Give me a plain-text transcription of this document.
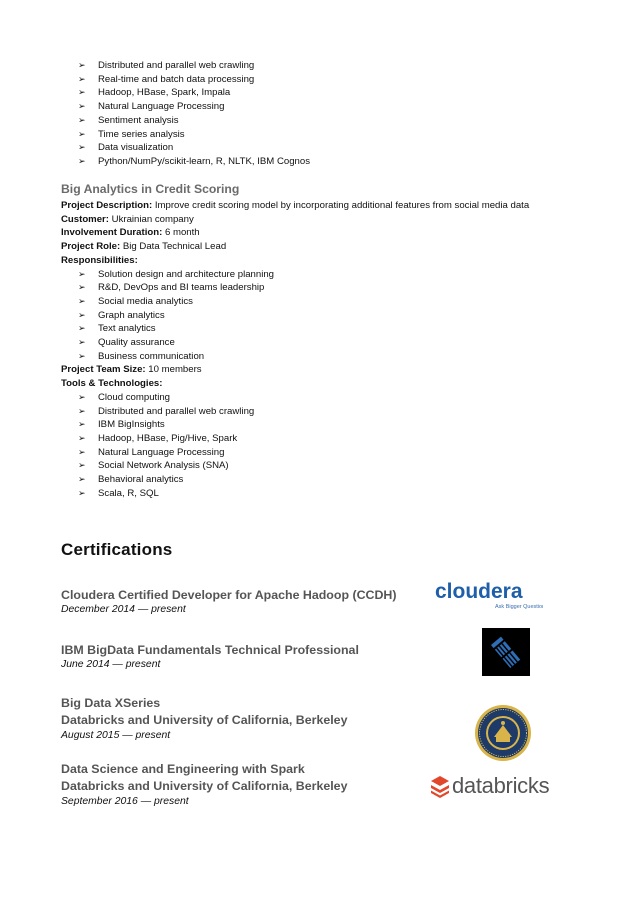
➢ Distributed and parallel web crawling
➢ Real-time and batch data processing
➢ Hadoop, HBase, Spark, Impala
➢ Natural Language Processing
➢ Sentiment analysis
➢ Time series analysis
➢ Data visualization
➢ Python/NumPy/scikit-learn, R, NLTK, IBM Cognos
Big Analytics in Credit Scoring
Project Description: Improve credit scoring model by incorporating additional features from social media data
Customer: Ukrainian company
Involvement Duration: 6 month
Project Role: Big Data Technical Lead
Responsibilities:
➢ Solution design and architecture planning
➢ R&D, DevOps and BI teams leadership
➢ Social media analytics
➢ Graph analytics
➢ Text analytics
➢ Quality assurance
➢ Business communication
Project Team Size: 10 members
Tools & Technologies:
➢ Cloud computing
➢ Distributed and parallel web crawling
➢ IBM BigInsights
➢ Hadoop, HBase, Pig/Hive, Spark
➢ Natural Language Processing
➢ Social Network Analysis (SNA)
➢ Behavioral analytics
➢ Scala, R, SQL
Certifications
Cloudera Certified Developer for Apache Hadoop (CCDH)
December 2014 — present
IBM BigData Fundamentals Technical Professional
June 2014 — present
Big Data XSeries
Databricks and University of California, Berkeley
August 2015 — present
Data Science and Engineering with Spark
Databricks and University of California, Berkeley
September 2016 — present
cloudera
Ask Bigger Questions
databricks
